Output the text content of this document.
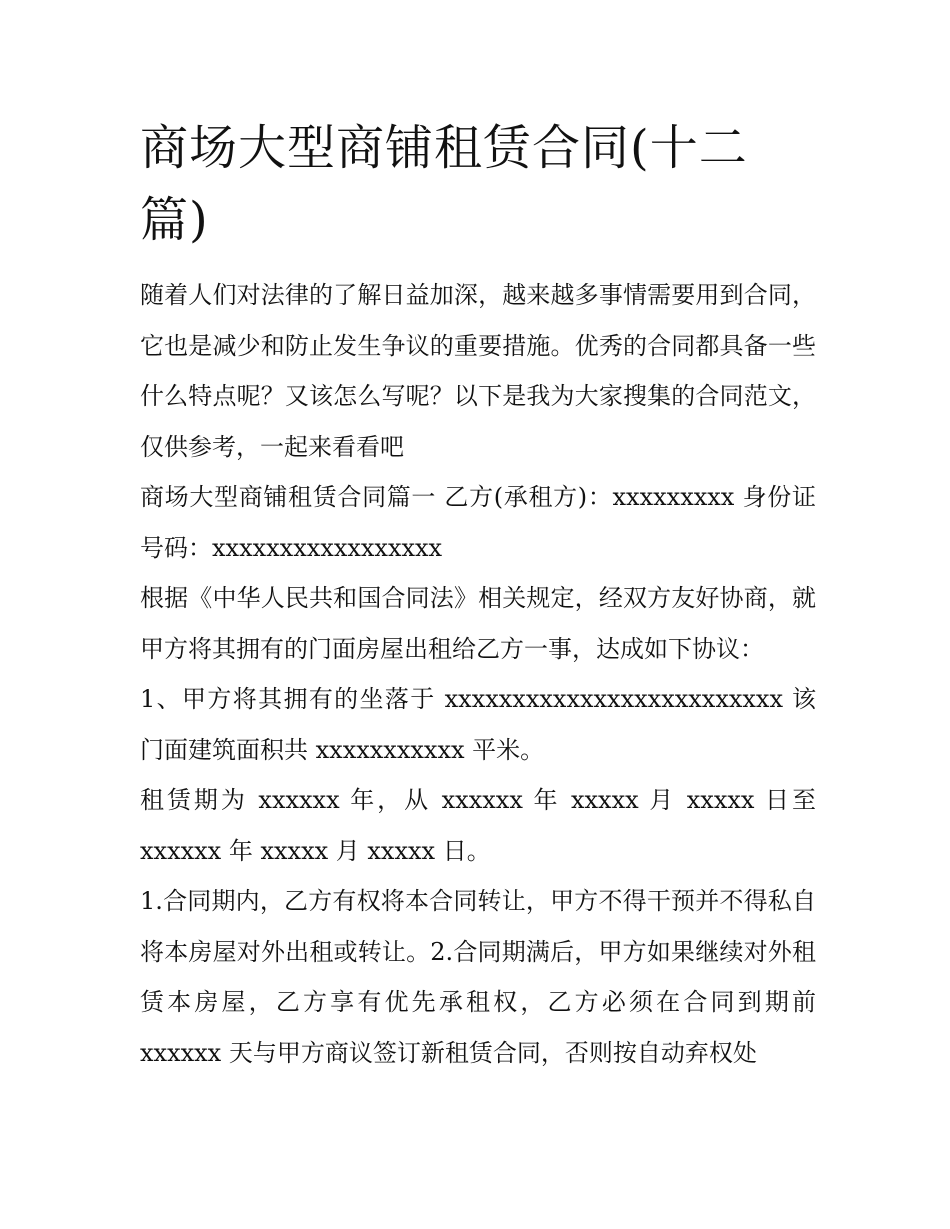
商场大型商铺租赁合同(十二篇)

随着人们对法律的了解日益加深，越来越多事情需要用到合同，它也是减少和防止发生争议的重要措施。优秀的合同都具备一些什么特点呢？又该怎么写呢？以下是我为大家搜集的合同范文，仅供参考，一起来看看吧

商场大型商铺租赁合同篇一 乙方(承租方)：xxxxxxxxx 身份证号码：xxxxxxxxxxxxxxxxx

根据《中华人民共和国合同法》相关规定，经双方友好协商，就甲方将其拥有的门面房屋出租给乙方一事，达成如下协议：

1、甲方将其拥有的坐落于 xxxxxxxxxxxxxxxxxxxxxxxxx 该门面建筑面积共 xxxxxxxxxxx 平米。

租赁期为 xxxxxx 年，从 xxxxxx 年 xxxxx 月 xxxxx 日至 xxxxxx 年 xxxxx 月 xxxxx 日。

1.合同期内，乙方有权将本合同转让，甲方不得干预并不得私自将本房屋对外出租或转让。2.合同期满后，甲方如果继续对外租赁本房屋，乙方享有优先承租权，乙方必须在合同到期前 xxxxxx 天与甲方商议签订新租赁合同，否则按自动弃权处
